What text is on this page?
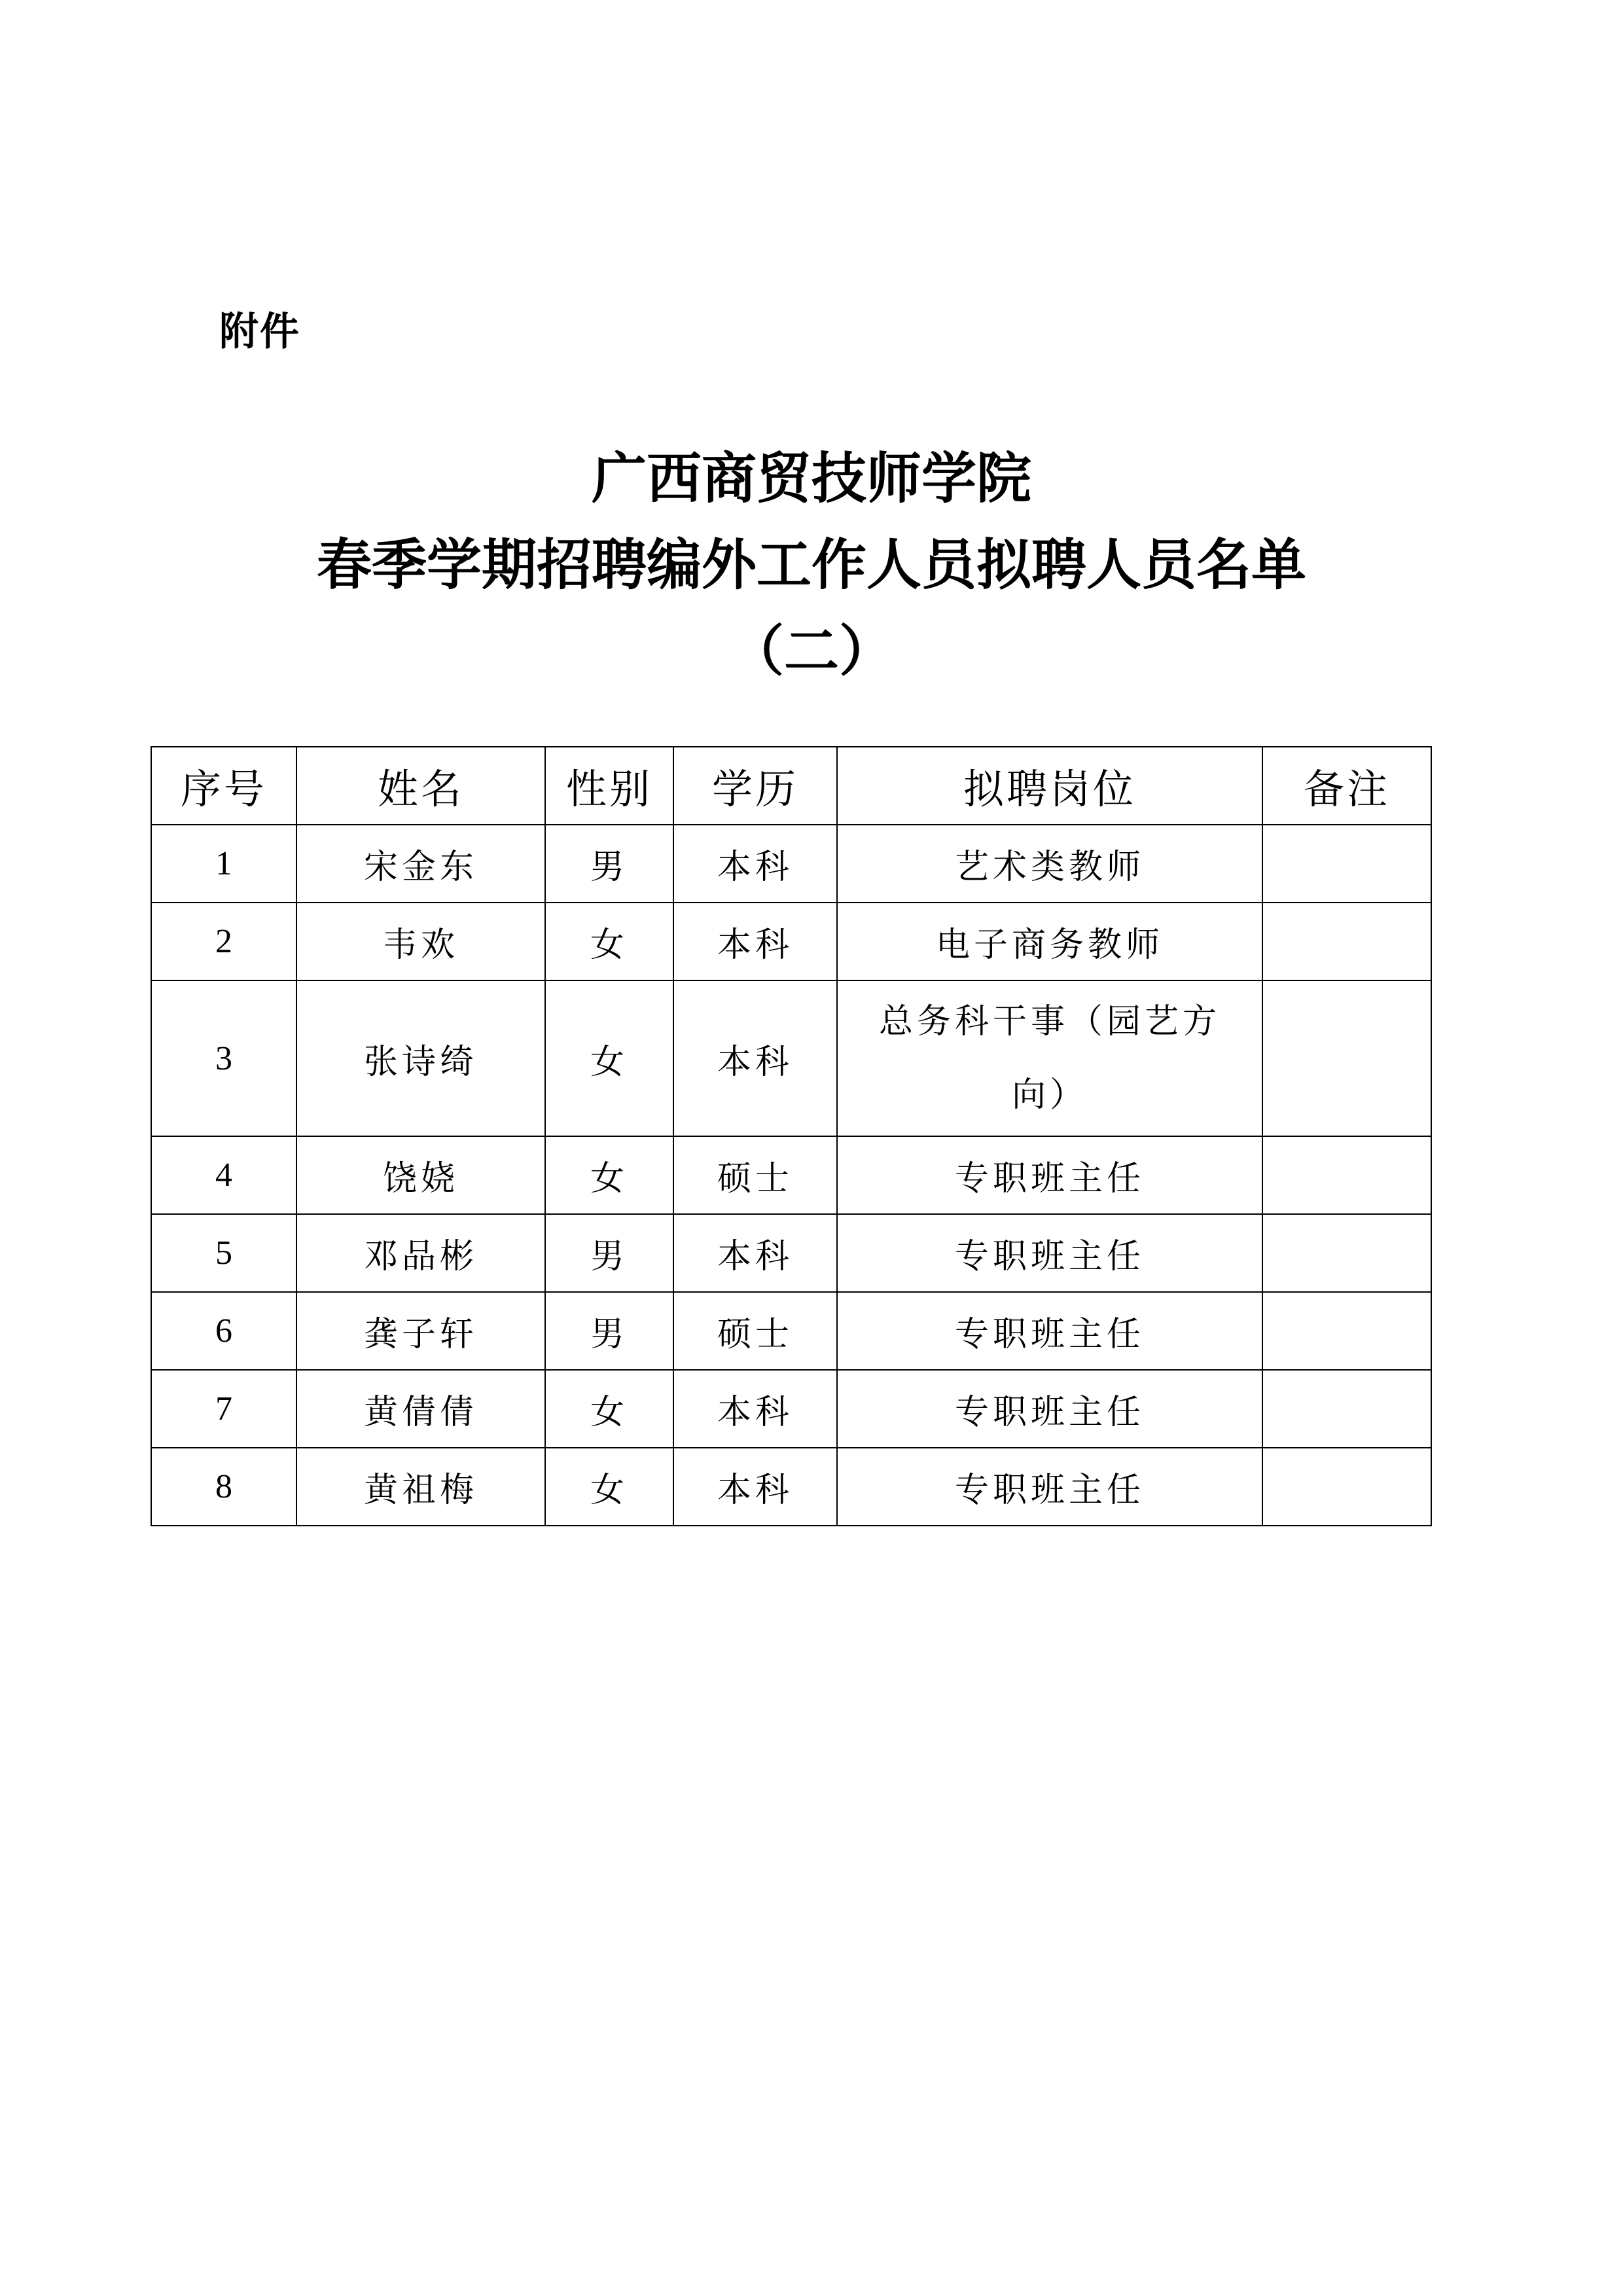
附件
广西商贸技师学院
春季学期招聘编外工作人员拟聘人员名单
（二）
序号	姓名	性别	学历	拟聘岗位	备注
1	宋金东	男	本科	艺术类教师	
2	韦欢	女	本科	电子商务教师	
3	张诗绮	女	本科	总务科干事（园艺方向）	
4	饶娆	女	硕士	专职班主任	
5	邓品彬	男	本科	专职班主任	
6	龚子轩	男	硕士	专职班主任	
7	黄倩倩	女	本科	专职班主任	
8	黄祖梅	女	本科	专职班主任	
